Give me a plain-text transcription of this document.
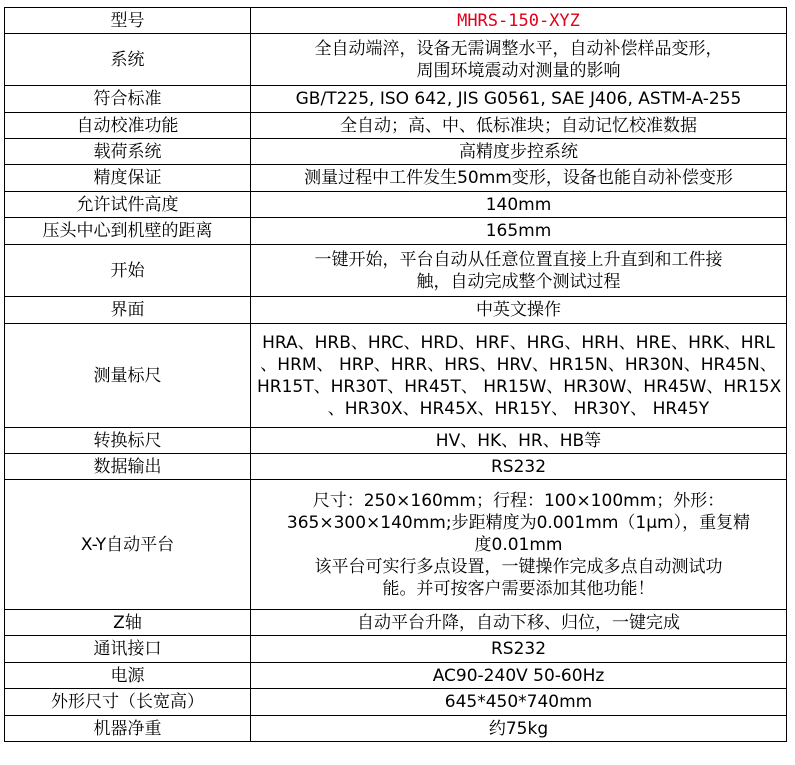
型号	MHRS-150-XYZ

系统	全自动端淬，设备无需调整水平，自动补偿样品变形，
周围环境震动对测量的影响

符合标准	GB/T225, ISO 642, JIS G0561, SAE J406, ASTM-A-255

自动校准功能	全自动；高、中、低标准块；自动记忆校准数据

载荷系统	高精度步控系统

精度保证	测量过程中工件发生50mm变形，设备也能自动补偿变形

允许试件高度	140mm

压头中心到机壁的距离	165mm

开始	一键开始，平台自动从任意位置直接上升直到和工件接
触，自动完成整个测试过程

界面	中英文操作

测量标尺	HRA、HRB、HRC、HRD、HRF、HRG、HRH、HRE、HRK、HRL
、HRM、 HRP、HRR、HRS、HRV、HR15N、HR30N、HR45N、
HR15T、HR30T、HR45T、 HR15W、HR30W、HR45W、HR15X
、HR30X、HR45X、HR15Y、 HR30Y、 HR45Y

转换标尺	HV、HK、HR、HB等

数据输出	RS232

X-Y自动平台	尺寸：250×160mm；行程：100×100mm；外形：
365×300×140mm;步距精度为0.001mm（1μm），重复精
度0.01mm
该平台可实行多点设置，一键操作完成多点自动测试功
能。并可按客户需要添加其他功能！

Z轴	自动平台升降，自动下移、归位，一键完成

通讯接口	RS232

电源	AC90-240V 50-60Hz

外形尺寸（长宽高）	645*450*740mm

机器净重	约75kg
